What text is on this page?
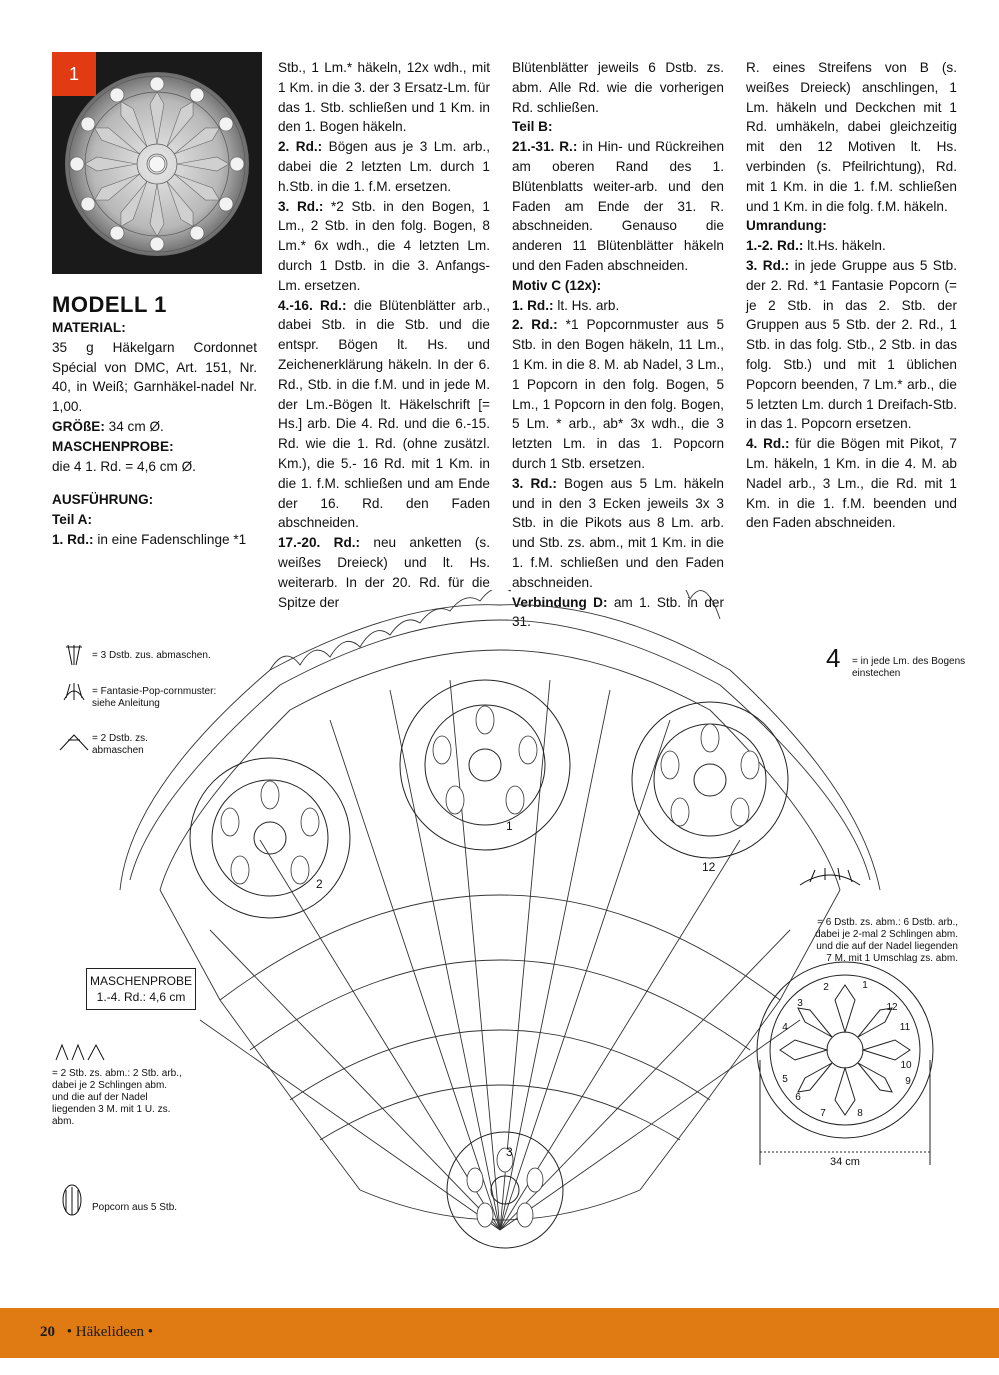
1
MODELL 1

MATERIAL:

35 g Häkelgarn Cordonnet Spécial von DMC, Art. 151, Nr. 40, in Weiß; Garnhäkel-nadel Nr. 1,00.

GRÖßE: 34 cm Ø.

MASCHENPROBE:

die 4 1. Rd. = 4,6 cm Ø.

AUSFÜHRUNG:

Teil A:

1. Rd.: in eine Fadenschlinge *1

Stb., 1 Lm.* häkeln, 12x wdh., mit 1 Km. in die 3. der 3 Ersatz-Lm. für das 1. Stb. schließen und 1 Km. in den 1. Bogen häkeln.

2. Rd.: Bögen aus je 3 Lm. arb., dabei die 2 letzten Lm. durch 1 h.Stb. in die 1. f.M. ersetzen.

3. Rd.: *2 Stb. in den Bogen, 1 Lm., 2 Stb. in den folg. Bogen, 8 Lm.* 6x wdh., die 4 letzten Lm. durch 1 Dstb. in die 3. Anfangs-Lm. ersetzen.

4.-16. Rd.: die Blütenblätter arb., dabei Stb. in die Stb. und die entspr. Bögen lt. Hs. und Zeichenerklärung häkeln. In der 6. Rd., Stb. in die f.M. und in jede M. der Lm.-Bögen lt. Häkelschrift [= Hs.] arb. Die 4. Rd. und die 6.-15. Rd. wie die 1. Rd. (ohne zusätzl. Km.), die 5.- 16 Rd. mit 1 Km. in die 1. f.M. schließen und am Ende der 16. Rd. den Faden abschneiden.

17.-20. Rd.: neu anketten (s. weißes Dreieck) und lt. Hs. weiterarb. In der 20. Rd. für die Spitze der

Blütenblätter jeweils 6 Dstb. zs. abm. Alle Rd. wie die vorherigen Rd. schließen.

Teil B:

21.-31. R.: in Hin- und Rückreihen am oberen Rand des 1. Blütenblatts weiter-arb. und den Faden am Ende der 31. R. abschneiden. Genauso die anderen 11 Blütenblätter häkeln und den Faden abschneiden.

Motiv C (12x):

1. Rd.: lt. Hs. arb.

2. Rd.: *1 Popcornmuster aus 5 Stb. in den Bogen häkeln, 11 Lm., 1 Km. in die 8. M. ab Nadel, 3 Lm., 1 Popcorn in den folg. Bogen, 5 Lm., 1 Popcorn in den folg. Bogen, 5 Lm. * arb., ab* 3x wdh., die 3 letzten Lm. in das 1. Popcorn durch 1 Stb. ersetzen.

3. Rd.: Bogen aus 5 Lm. häkeln und in den 3 Ecken jeweils 3x 3 Stb. in die Pikots aus 8 Lm. arb. und Stb. zs. abm., mit 1 Km. in die 1. f.M. schließen und den Faden abschneiden.

Verbindung D: am 1. Stb. in der 31.

R. eines Streifens von B (s. weißes Dreieck) anschlingen, 1 Lm. häkeln und Deckchen mit 1 Rd. umhäkeln, dabei gleichzeitig mit den 12 Motiven lt. Hs. verbinden (s. Pfeilrichtung), Rd. mit 1 Km. in die 1. f.M. schließen und 1 Km. in die folg. f.M. häkeln.

Umrandung:

1.-2. Rd.: lt.Hs. häkeln.

3. Rd.: in jede Gruppe aus 5 Stb. der 2. Rd. *1 Fantasie Popcorn (= je 2 Stb. in das 2. Stb. der Gruppen aus 5 Stb. der 2. Rd., 1 Stb. in das folg. Stb., 2 Stb. in das folg. Stb.) und mit 1 üblichen Popcorn beenden, 7 Lm.* arb., die 5 letzten Lm. durch 1 Dreifach-Stb. in das 1. Popcorn ersetzen.

4. Rd.: für die Bögen mit Pikot, 7 Lm. häkeln, 1 Km. in die 4. M. ab Nadel arb., 3 Lm., die Rd. mit 1 Km. in die 1. f.M. beenden und den Faden abschneiden.

1
2
12
3
1
2
3
4
5
6
7	8
9
10
11
12
34 cm
= 3 Dstb. zus. abmaschen.
= Fantasie-Pop-cornmuster: siehe Anleitung
= 2 Dstb. zs. abmaschen
= 2 Stb. zs. abm.: 2 Stb. arb., dabei je 2 Schlingen abm. und die auf der Nadel liegenden 3 M. mit 1 U. zs. abm.
Popcorn aus 5 Stb.
4 = in jede Lm. des Bogens einstechen
= 6 Dstb. zs. abm.: 6 Dstb. arb., dabei je 2-mal 2 Schlingen abm. und die auf der Nadel liegenden 7 M. mit 1 Umschlag zs. abm.
MASCHENPROBE
1.-4. Rd.: 4,6 cm
20 • Häkelideen •
